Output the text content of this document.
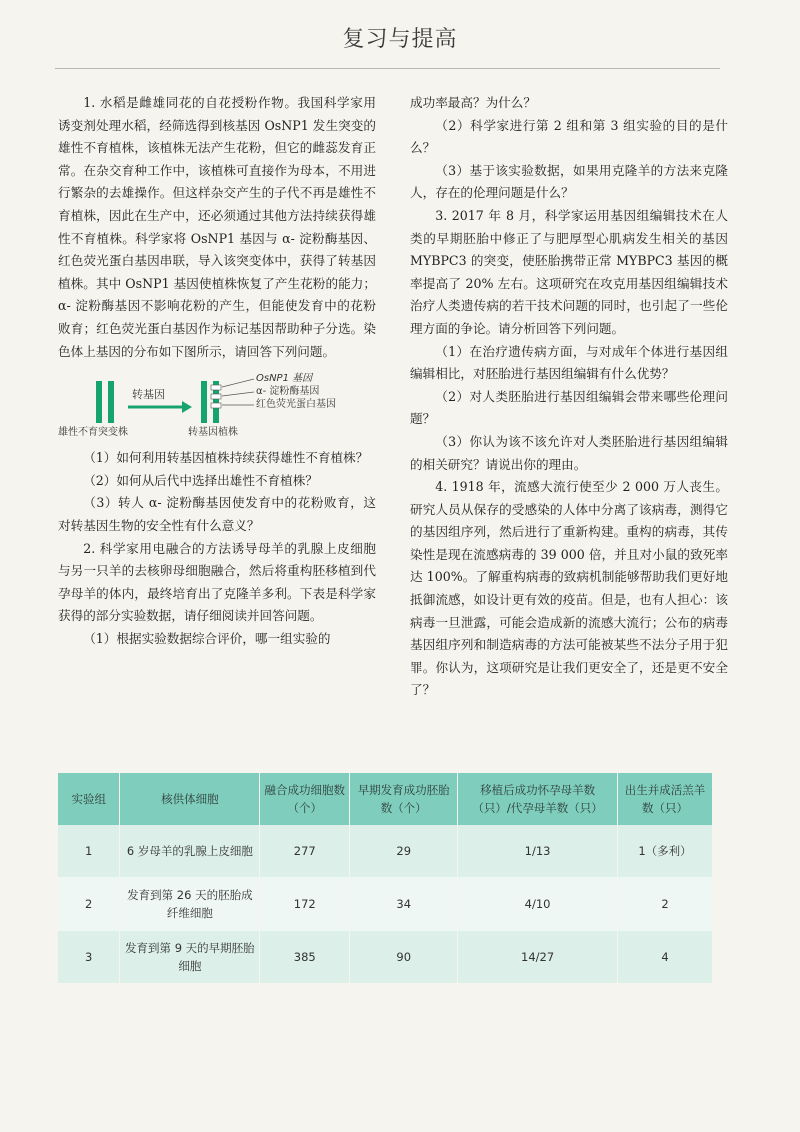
复习与提高

1. 水稻是雌雄同花的自花授粉作物。我国科学家用诱变剂处理水稻，经筛选得到核基因 OsNP1 发生突变的雄性不育植株，该植株无法产生花粉，但它的雌蕊发育正常。在杂交育种工作中，该植株可直接作为母本，不用进行繁杂的去雄操作。但这样杂交产生的子代不再是雄性不育植株，因此在生产中，还必须通过其他方法持续获得雄性不育植株。科学家将 OsNP1 基因与 α- 淀粉酶基因、红色荧光蛋白基因串联，导入该突变体中，获得了转基因植株。其中 OsNP1 基因使植株恢复了产生花粉的能力；α- 淀粉酶基因不影响花粉的产生，但能使发育中的花粉败育；红色荧光蛋白基因作为标记基因帮助种子分选。染色体上基因的分布如下图所示，请回答下列问题。

转基因
OsNP1 基因
α- 淀粉酶基因
红色荧光蛋白基因
雄性不育突变株	转基因植株

（1）如何利用转基因植株持续获得雄性不育植株？

（2）如何从后代中选择出雄性不育植株？

（3）转人 α- 淀粉酶基因使发育中的花粉败育，这对转基因生物的安全性有什么意义？

2. 科学家用电融合的方法诱导母羊的乳腺上皮细胞与另一只羊的去核卵母细胞融合，然后将重构胚移植到代孕母羊的体内，最终培育出了克隆羊多利。下表是科学家获得的部分实验数据，请仔细阅读并回答问题。

（1）根据实验数据综合评价，哪一组实验的

成功率最高？为什么？

（2）科学家进行第 2 组和第 3 组实验的目的是什么？

（3）基于该实验数据，如果用克隆羊的方法来克隆人，存在的伦理问题是什么？

3. 2017 年 8 月，科学家运用基因组编辑技术在人类的早期胚胎中修正了与肥厚型心肌病发生相关的基因 MYBPC3 的突变，使胚胎携带正常 MYBPC3 基因的概率提高了 20% 左右。这项研究在攻克用基因组编辑技术治疗人类遗传病的若干技术问题的同时，也引起了一些伦理方面的争论。请分析回答下列问题。

（1）在治疗遗传病方面，与对成年个体进行基因组编辑相比，对胚胎进行基因组编辑有什么优势？

（2）对人类胚胎进行基因组编辑会带来哪些伦理问题？

（3）你认为该不该允许对人类胚胎进行基因组编辑的相关研究？请说出你的理由。

4. 1918 年，流感大流行使至少 2 000 万人丧生。研究人员从保存的受感染的人体中分离了该病毒，测得它的基因组序列，然后进行了重新构建。重构的病毒，其传染性是现在流感病毒的 39 000 倍，并且对小鼠的致死率达 100%。了解重构病毒的致病机制能够帮助我们更好地抵御流感，如设计更有效的疫苗。但是，也有人担心：该病毒一旦泄露，可能会造成新的流感大流行；公布的病毒基因组序列和制造病毒的方法可能被某些不法分子用于犯罪。你认为，这项研究是让我们更安全了，还是更不安全了？

实验组	核供体细胞	融合成功细胞数（个）	早期发育成功胚胎数（个）	移植后成功怀孕母羊数（只）/代孕母羊数（只）	出生并成活羔羊数（只）
1	6 岁母羊的乳腺上皮细胞	277	29	1/13	1（多利）
2	发育到第 26 天的胚胎成纤维细胞	172	34	4/10	2
3	发育到第 9 天的早期胚胎细胞	385	90	14/27	4
